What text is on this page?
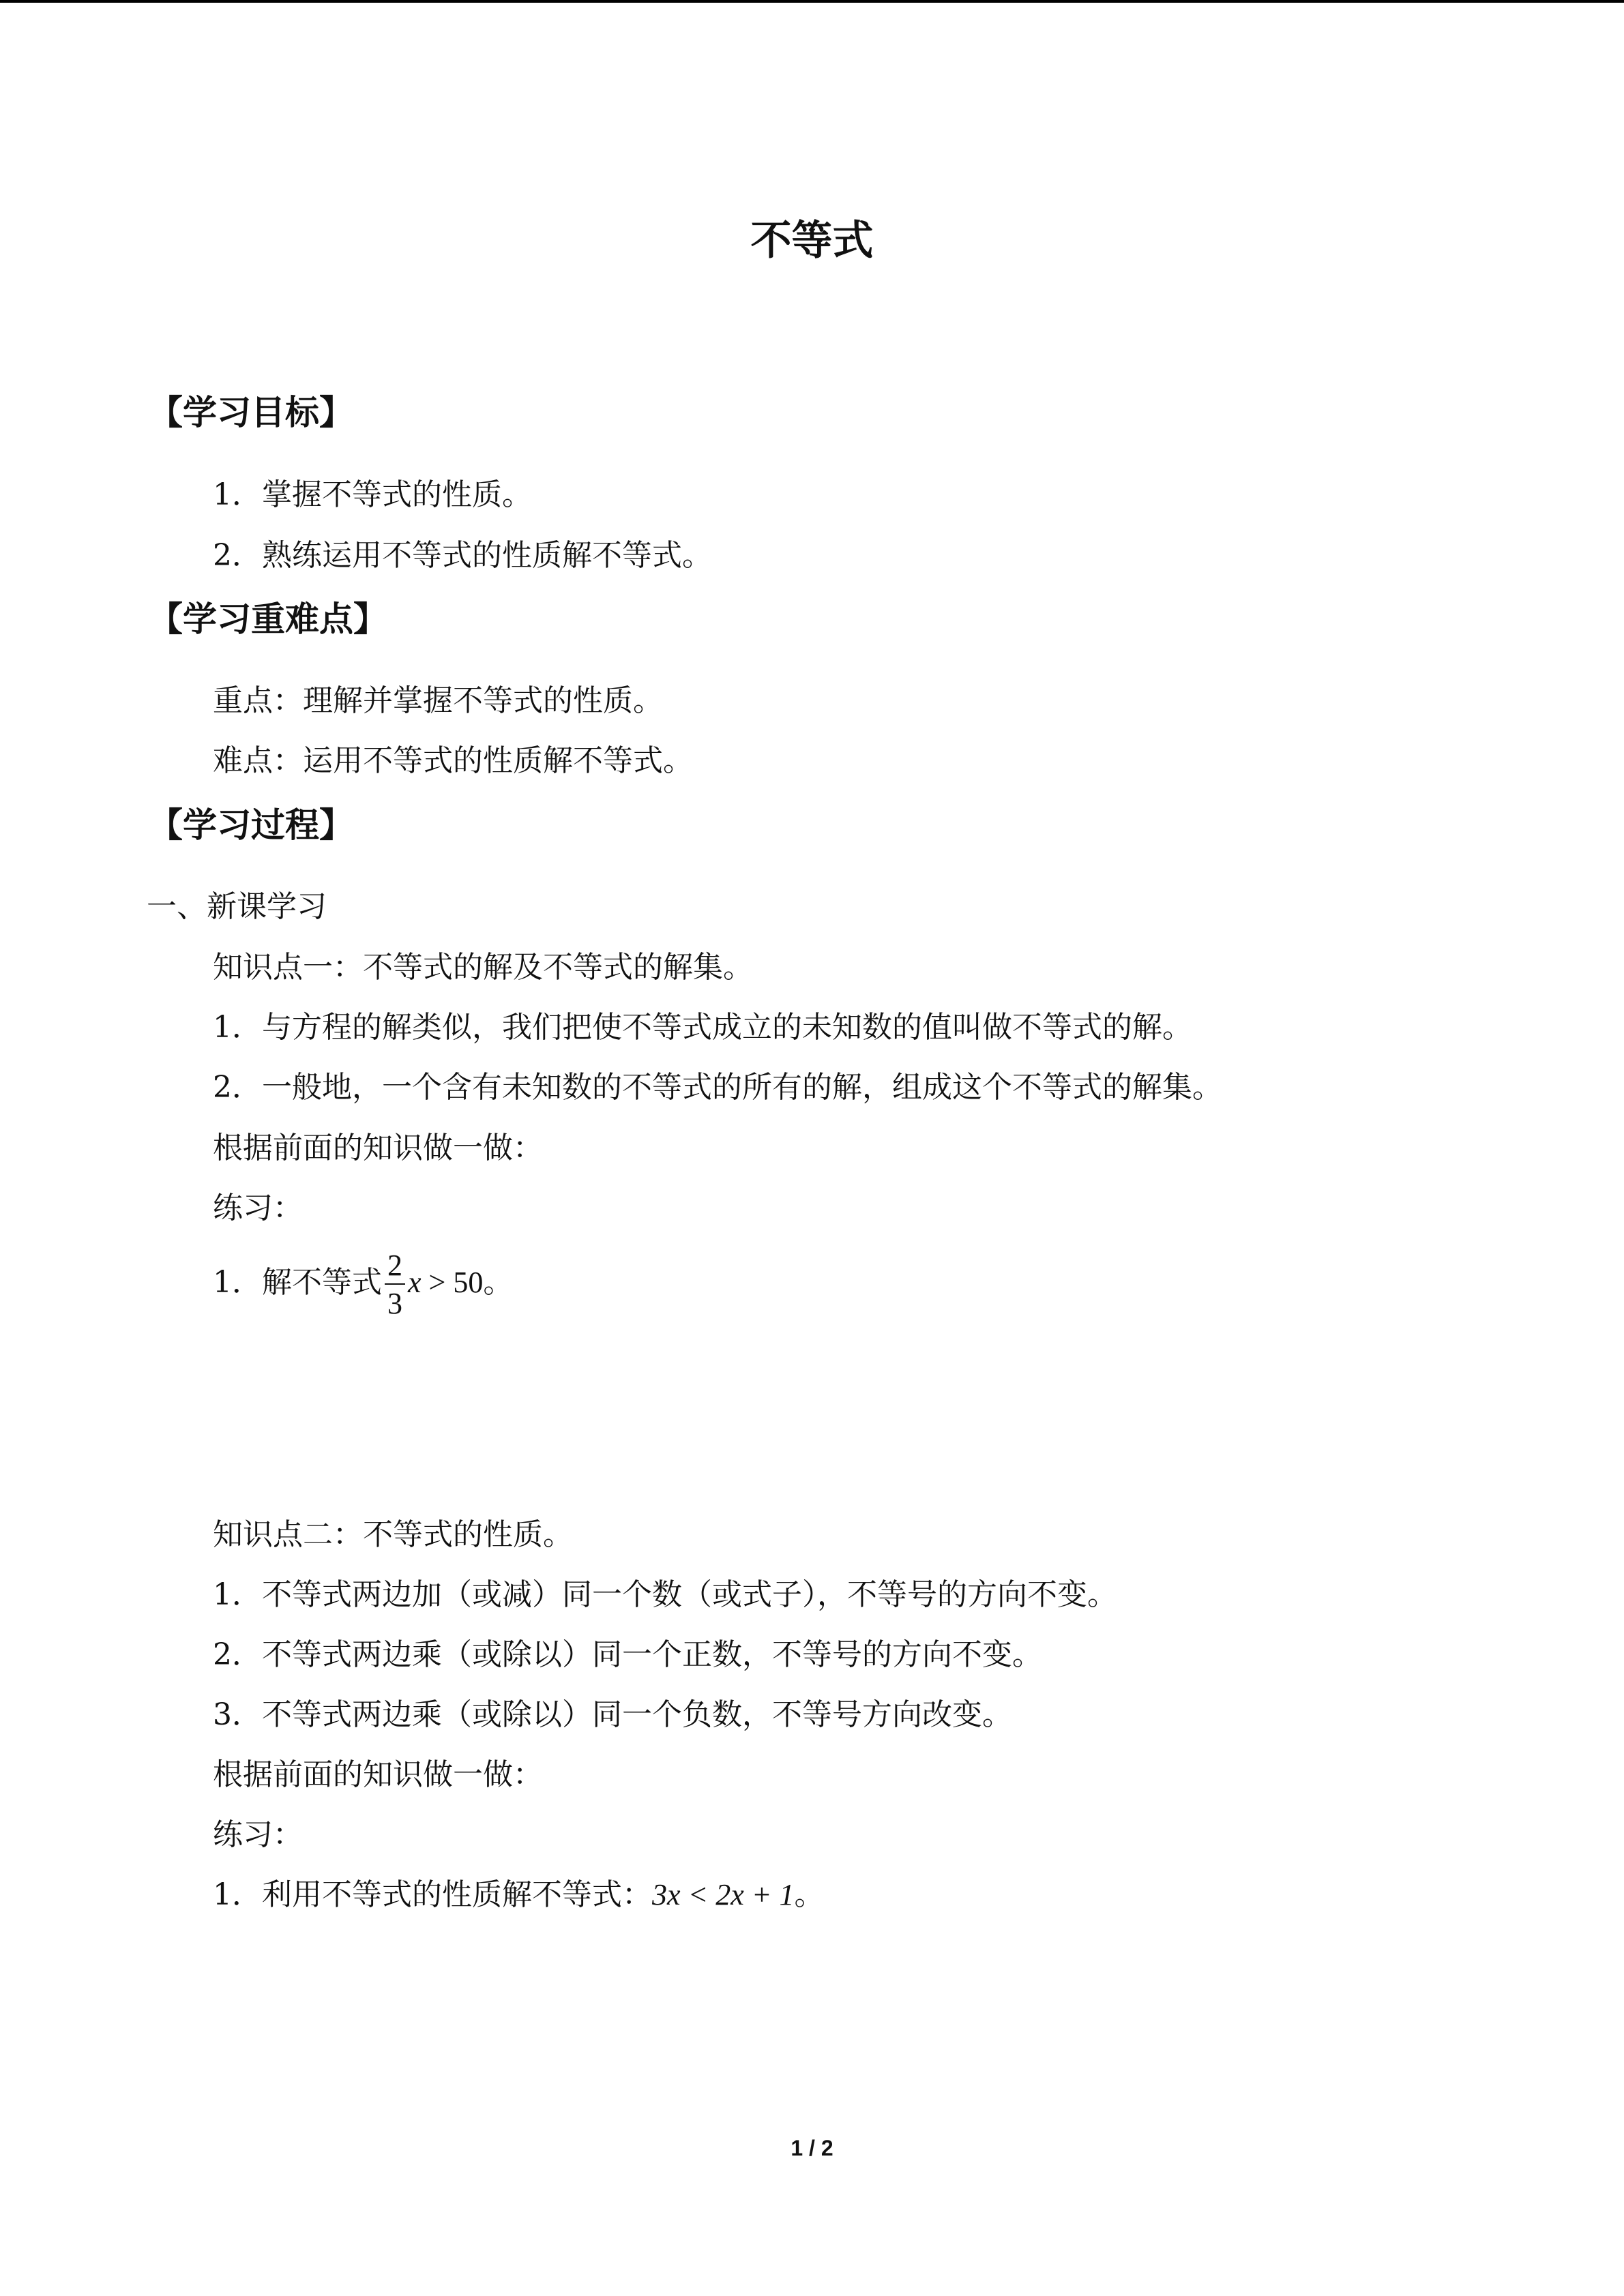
不等式
【学习目标】
1．掌握不等式的性质。
2．熟练运用不等式的性质解不等式。
【学习重难点】
重点：理解并掌握不等式的性质。
难点：运用不等式的性质解不等式。
【学习过程】
一、新课学习
知识点一：不等式的解及不等式的解集。
1．与方程的解类似，我们把使不等式成立的未知数的值叫做不等式的解。
2．一般地，一个含有未知数的不等式的所有的解，组成这个不等式的解集。
根据前面的知识做一做：
练习：
1．解不等式 $\frac{2}{3}$ x > 50。
知识点二：不等式的性质。
1．不等式两边加（或减）同一个数（或式子），不等号的方向不变。
2．不等式两边乘（或除以）同一个正数，不等号的方向不变。
3．不等式两边乘（或除以）同一个负数，不等号方向改变。
根据前面的知识做一做：
练习：
1．利用不等式的性质解不等式：3x < 2x + 1。
1 / 2
